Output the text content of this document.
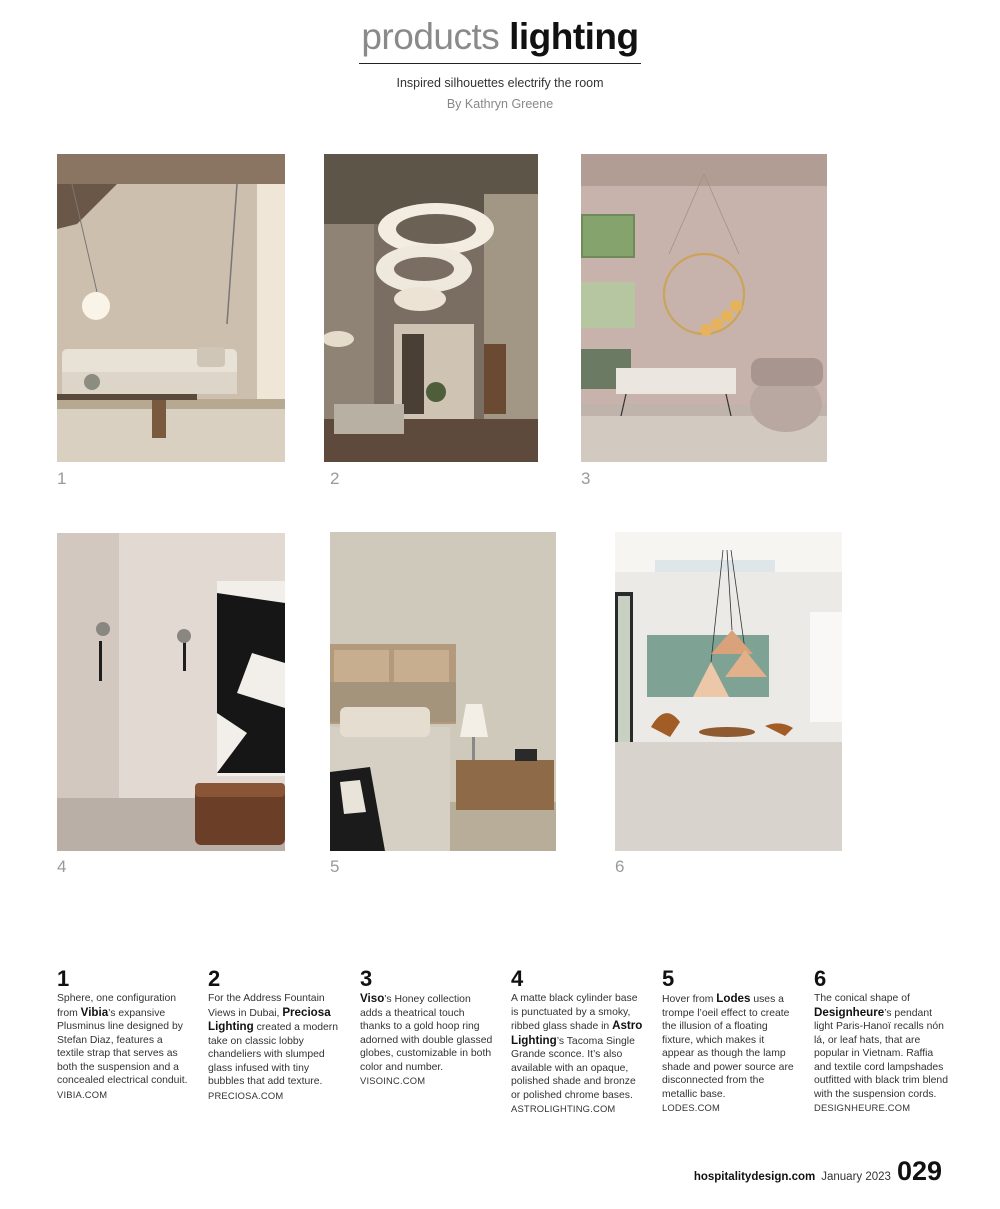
products lighting
Inspired silhouettes electrify the room
By Kathryn Greene
1	2	3
4	5	6
1
Sphere, one configuration from Vibia’s expansive Plusminus line designed by Stefan Diaz, features a textile strap that serves as both the suspension and a concealed electrical conduit.
VIBIA.COM
2
For the Address Fountain Views in Dubai, Preciosa Lighting created a modern take on classic lobby chandeliers with slumped glass infused with tiny bubbles that add texture.
PRECIOSA.COM
3
Viso’s Honey collection adds a theatrical touch thanks to a gold hoop ring adorned with double glassed globes, customizable in both color and number.
VISOINC.COM
4
A matte black cylinder base is punctuated by a smoky, ribbed glass shade in Astro Lighting’s Tacoma Single Grande sconce. It’s also available with an opaque, polished shade and bronze or polished chrome bases.
ASTROLIGHTING.COM
5
Hover from Lodes uses a trompe l’oeil effect to create the illusion of a floating fixture, which makes it appear as though the lamp shade and power source are disconnected from the metallic base.
LODES.COM
6
The conical shape of Designheure’s pendant light Paris-Hanoï recalls nón lá, or leaf hats, that are popular in Vietnam. Raffia and textile cord lampshades outfitted with black trim blend with the suspension cords.
DESIGNHEURE.COM
hospitalitydesign.com January 2023 029
